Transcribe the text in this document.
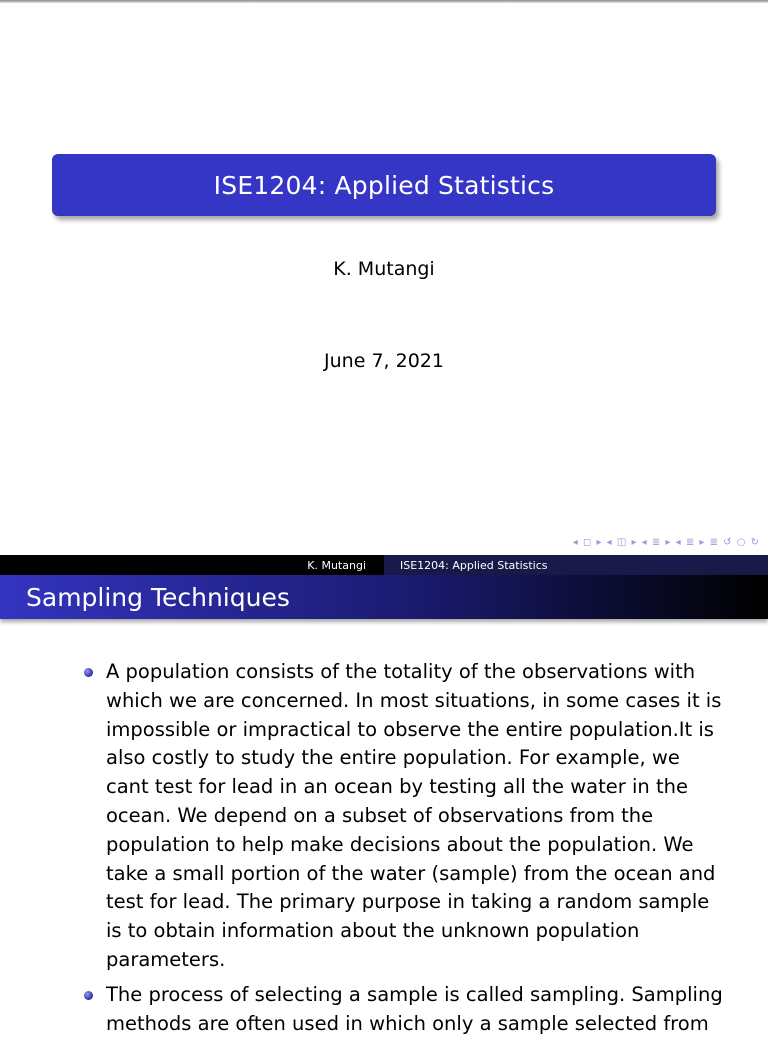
ISE1204: Applied Statistics
K. Mutangi
June 7, 2021
◂ ◻ ▸ ◂ ◫ ▸ ◂ ≣ ▸ ◂ ≣ ▸ ≣ ↺ ○ ↻
K. Mutangi	ISE1204: Applied Statistics
Sampling Techniques
A population consists of the totality of the observations with which we are concerned. In most situations, in some cases it is impossible or impractical to observe the entire population.It is also costly to study the entire population. For example, we cant test for lead in an ocean by testing all the water in the ocean. We depend on a subset of observations from the population to help make decisions about the population. We take a small portion of the water (sample) from the ocean and test for lead. The primary purpose in taking a random sample is to obtain information about the unknown population parameters.
The process of selecting a sample is called sampling. Sampling methods are often used in which only a sample selected from
